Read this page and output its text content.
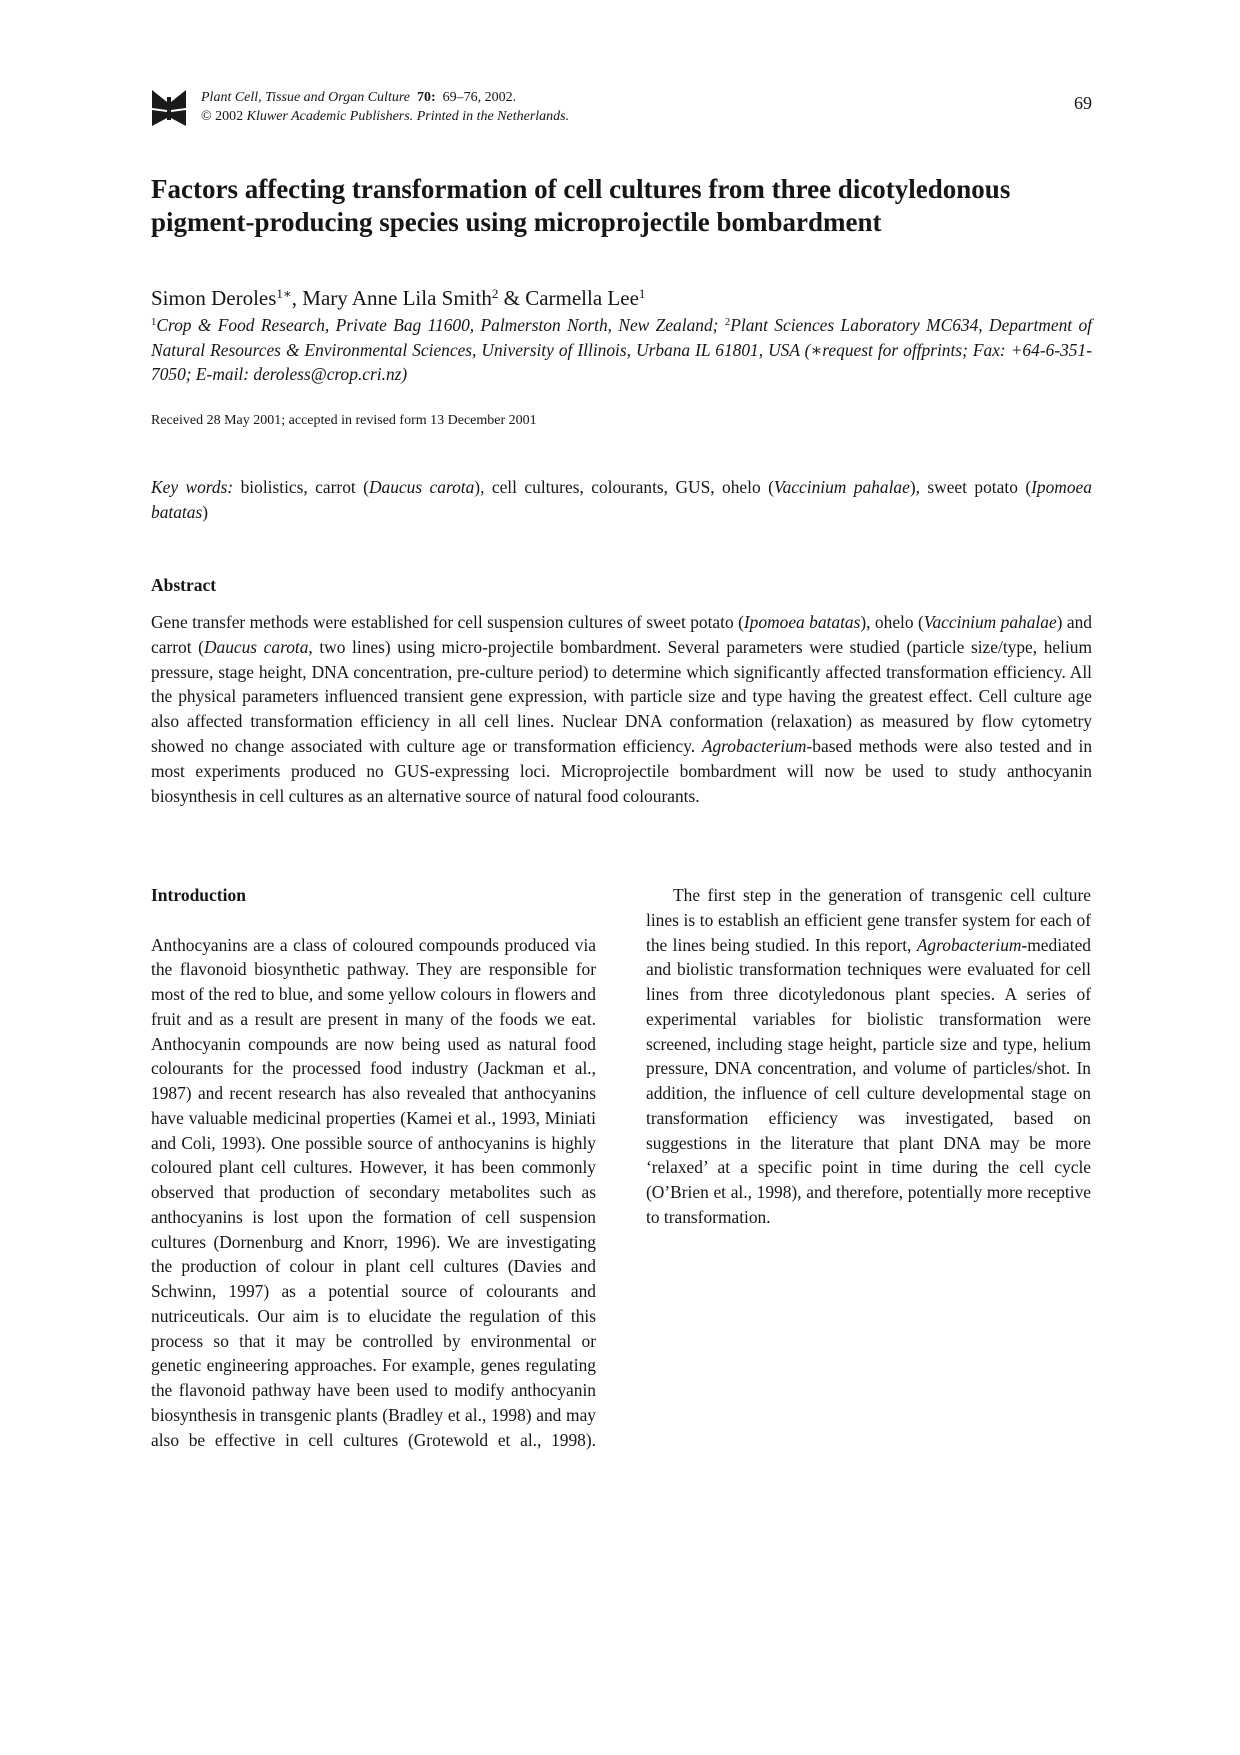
Plant Cell, Tissue and Organ Culture 70: 69–76, 2002.
© 2002 Kluwer Academic Publishers. Printed in the Netherlands.
69
Factors affecting transformation of cell cultures from three dicotyledonous pigment-producing species using microprojectile bombardment
Simon Deroles$^{1∗}$, Mary Anne Lila Smith$^2$ & Carmella Lee$^1$
$^1$Crop & Food Research, Private Bag 11600, Palmerston North, New Zealand; $^2$Plant Sciences Laboratory MC634, Department of Natural Resources & Environmental Sciences, University of Illinois, Urbana IL 61801, USA (∗request for offprints; Fax: +64-6-351-7050; E-mail: deroless@crop.cri.nz)
Received 28 May 2001; accepted in revised form 13 December 2001
Key words: biolistics, carrot (Daucus carota), cell cultures, colourants, GUS, ohelo (Vaccinium pahalae), sweet potato (Ipomoea batatas)
Abstract

Gene transfer methods were established for cell suspension cultures of sweet potato (Ipomoea batatas), ohelo (Vaccinium pahalae) and carrot (Daucus carota, two lines) using micro-projectile bombardment. Several parameters were studied (particle size/type, helium pressure, stage height, DNA concentration, pre-culture period) to determine which significantly affected transformation efficiency. All the physical parameters influenced transient gene expression, with particle size and type having the greatest effect. Cell culture age also affected transformation efficiency in all cell lines. Nuclear DNA conformation (relaxation) as measured by flow cytometry showed no change associated with culture age or transformation efficiency. Agrobacterium-based methods were also tested and in most experiments produced no GUS-expressing loci. Microprojectile bombardment will now be used to study anthocyanin biosynthesis in cell cultures as an alternative source of natural food colourants.

Introduction

Anthocyanins are a class of coloured compounds produced via the flavonoid biosynthetic pathway. They are responsible for most of the red to blue, and some yellow colours in flowers and fruit and as a result are present in many of the foods we eat. Anthocyanin compounds are now being used as natural food colourants for the processed food industry (Jackman et al., 1987) and recent research has also revealed that anthocyanins have valuable medicinal properties (Kamei et al., 1993, Miniati and Coli, 1993). One possible source of anthocyanins is highly coloured plant cell cultures. However, it has been commonly observed that production of secondary metabolites such as anthocyanins is lost upon the formation of cell suspension cultures (Dornenburg and Knorr, 1996). We are investigating the production of colour in plant cell cultures (Davies and Schwinn, 1997) as a potential source of colourants and nutriceuticals. Our aim is to elucidate the regulation of this process so that it may be controlled by environmental or genetic engineering approaches. For example, genes regulating the flavonoid pathway have been used to modify anthocyanin biosynthesis in transgenic plants (Bradley et al., 1998) and may also be effective in cell cultures (Grotewold et al., 1998).

The first step in the generation of transgenic cell culture lines is to establish an efficient gene transfer system for each of the lines being studied. In this report, Agrobacterium-mediated and biolistic transformation techniques were evaluated for cell lines from three dicotyledonous plant species. A series of experimental variables for biolistic transformation were screened, including stage height, particle size and type, helium pressure, DNA concentration, and volume of particles/shot. In addition, the influence of cell culture developmental stage on transformation efficiency was investigated, based on suggestions in the literature that plant DNA may be more ‘relaxed’ at a specific point in time during the cell cycle (O’Brien et al., 1998), and therefore, potentially more receptive to transformation.
